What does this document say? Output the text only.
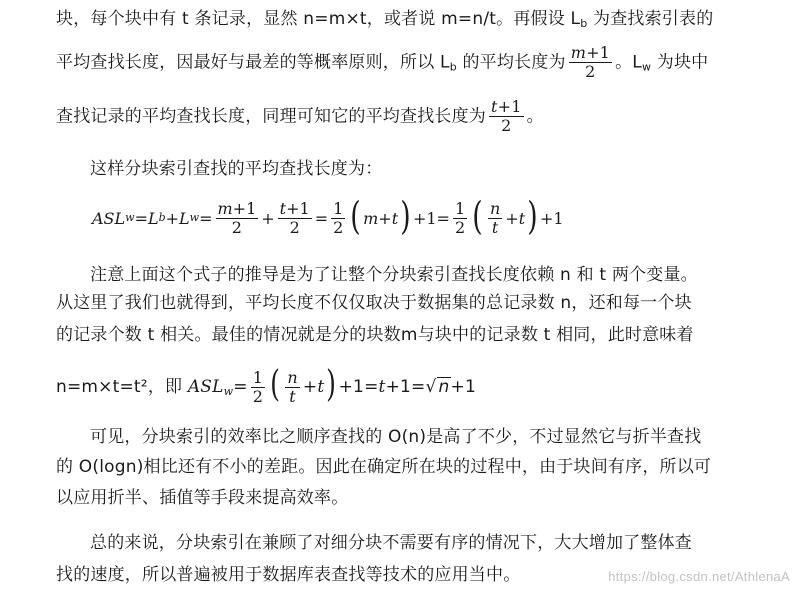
块，每个块中有 t 条记录，显然 n=m×t，或者说 m=n/t。再假设 $L_b$ 为查找索引表的
平均查找长度，因最好与最差的等概率原则，所以 $L_b$ 的平均长度为 $\frac{m+1}{2}$ 。$L_w$ 为块中
查找记录的平均查找长度，同理可知它的平均查找长度为 $\frac{t+1}{2}$ 。
这样分块索引查找的平均查找长度为：
ASL w = L b + L $w = \frac{m+1}{2} + \frac{t+1}{2} = \frac{1}{2}$ ( m + t ) $+1= \frac{1}{2}$ ( $\frac{n}{t} + t$ ) +1
注意上面这个式子的推导是为了让整个分块索引查找长度依赖 n 和 t 两个变量。
从这里了我们也就得到，平均长度不仅仅取决于数据集的总记录数 n，还和每一个块
的记录个数 t 相关。最佳的情况就是分的块数m与块中的记录数 t 相同，此时意味着
n=m×t=t²，即 $ASL_w= \frac{1}{2}$ ( $\frac{n}{t} +t) +1=t+1=√$ n+1
可见，分块索引的效率比之顺序查找的 O(n)是高了不少，不过显然它与折半查找
的 O(logn)相比还有不小的差距。因此在确定所在块的过程中，由于块间有序，所以可
以应用折半、插值等手段来提高效率。
总的来说，分块索引在兼顾了对细分块不需要有序的情况下，大大增加了整体查
找的速度，所以普遍被用于数据库表查找等技术的应用当中。	https://blog.csdn.net/AthlenaA
